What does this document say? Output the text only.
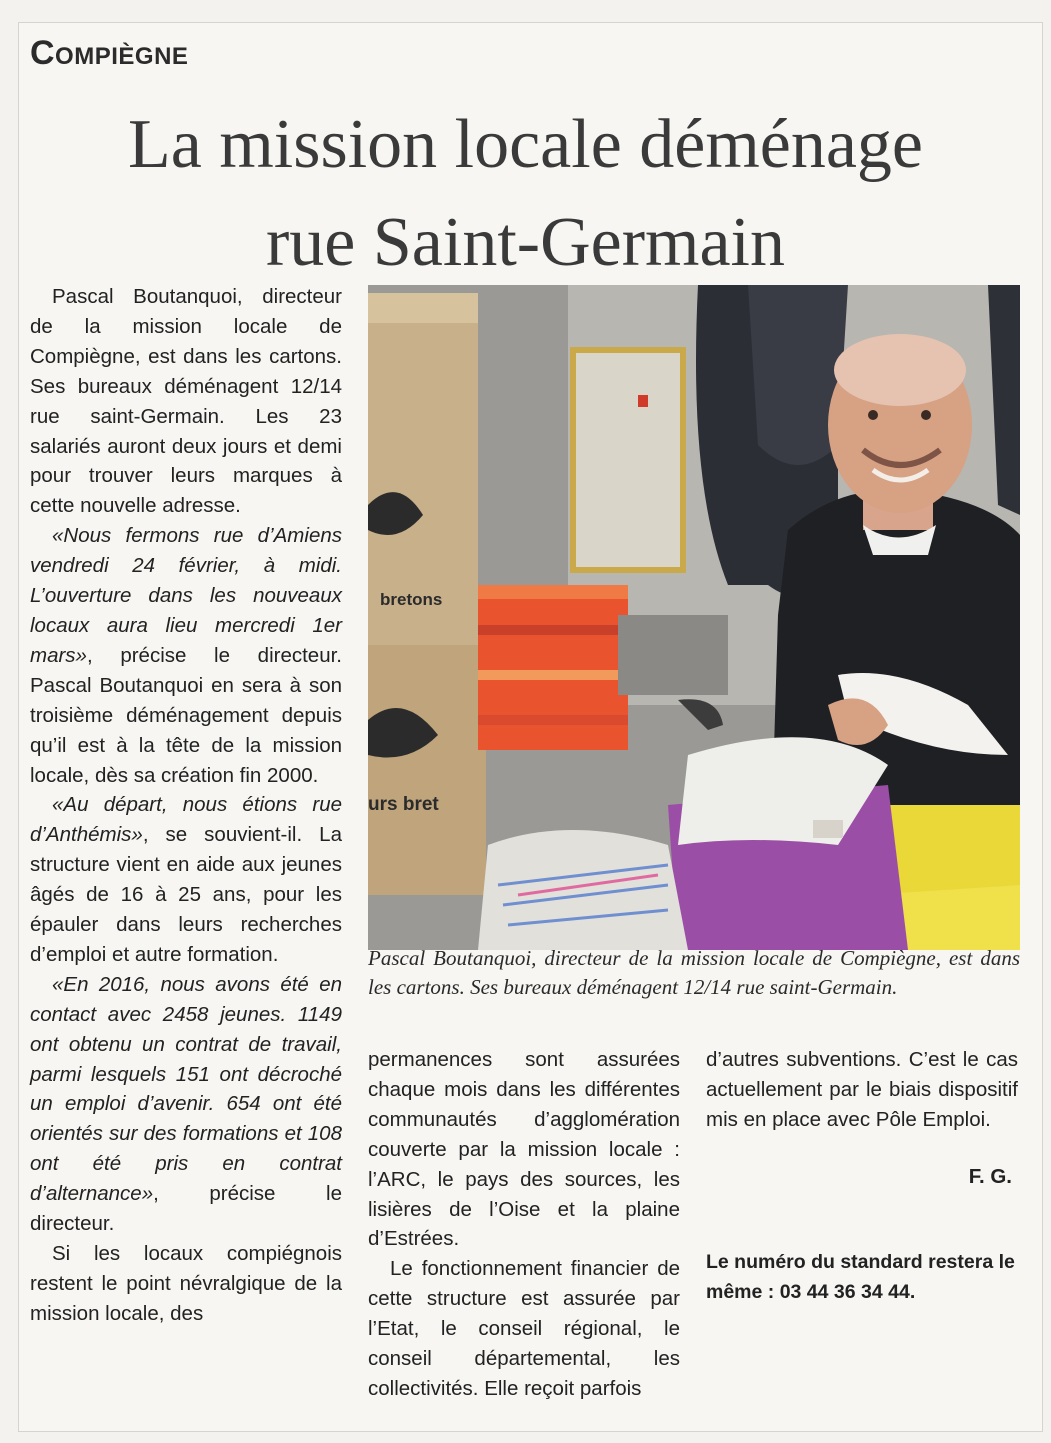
Compiègne
La mission locale déménage
rue Saint-Germain

Pascal Boutanquoi, directeur de la mission locale de Compiègne, est dans les cartons. Ses bureaux déménagent 12/14 rue saint-Germain. Les 23 salariés auront deux jours et demi pour trouver leurs marques à cette nouvelle adresse.

«Nous fermons rue d’Amiens vendredi 24 février, à midi. L’ouverture dans les nouveaux locaux aura lieu mercredi 1er mars», précise le directeur. Pascal Boutanquoi en sera à son troisième déménagement depuis qu’il est à la tête de la mission locale, dès sa création fin 2000.

«Au départ, nous étions rue d’Anthémis», se souvient-il. La structure vient en aide aux jeunes âgés de 16 à 25 ans, pour les épauler dans leurs recherches d’emploi et autre formation.

«En 2016, nous avons été en contact avec 2458 jeunes. 1149 ont obtenu un contrat de travail, parmi lesquels 151 ont décroché un emploi d’avenir. 654 ont été orientés sur des formations et 108 ont été pris en contrat d’alternance», précise le directeur.

Si les locaux compiégnois restent le point névralgique de la mission locale, des

bretons
urs bret

Pascal Boutanquoi, directeur de la mission locale de Compiègne, est dans les cartons. Ses bureaux déménagent 12/14 rue saint-Germain.

permanences sont assurées chaque mois dans les différentes communautés d’agglomération couverte par la mission locale : l’ARC, le pays des sources, les lisières de l’Oise et la plaine d’Estrées.

Le fonctionnement financier de cette structure est assurée par l’Etat, le conseil régional, le conseil départemental, les collectivités. Elle reçoit parfois

d’autres subventions. C’est le cas actuellement par le biais dispositif mis en place avec Pôle Emploi.

F. G.

Le numéro du standard restera le même : 03 44 36 34 44.
